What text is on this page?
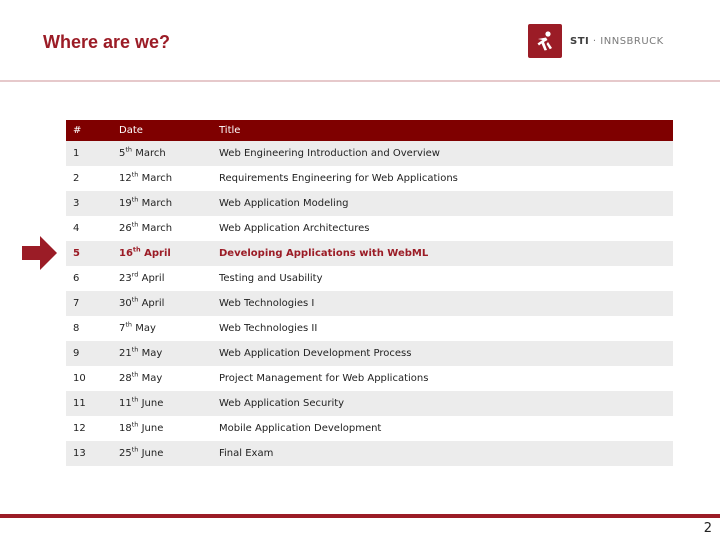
Where are we?	STI · INNSBRUCK
#	Date	Title
1	5th March	Web Engineering Introduction and Overview
2	12th March	Requirements Engineering for Web Applications
3	19th March	Web Application Modeling
4	26th March	Web Application Architectures
5	16th April	Developing Applications with WebML
6	23rd April	Testing and Usability
7	30th April	Web Technologies I
8	7th May	Web Technologies II
9	21th May	Web Application Development Process
10	28th May	Project Management for Web Applications
11	11th June	Web Application Security
12	18th June	Mobile Application Development
13	25th June	Final Exam
2
